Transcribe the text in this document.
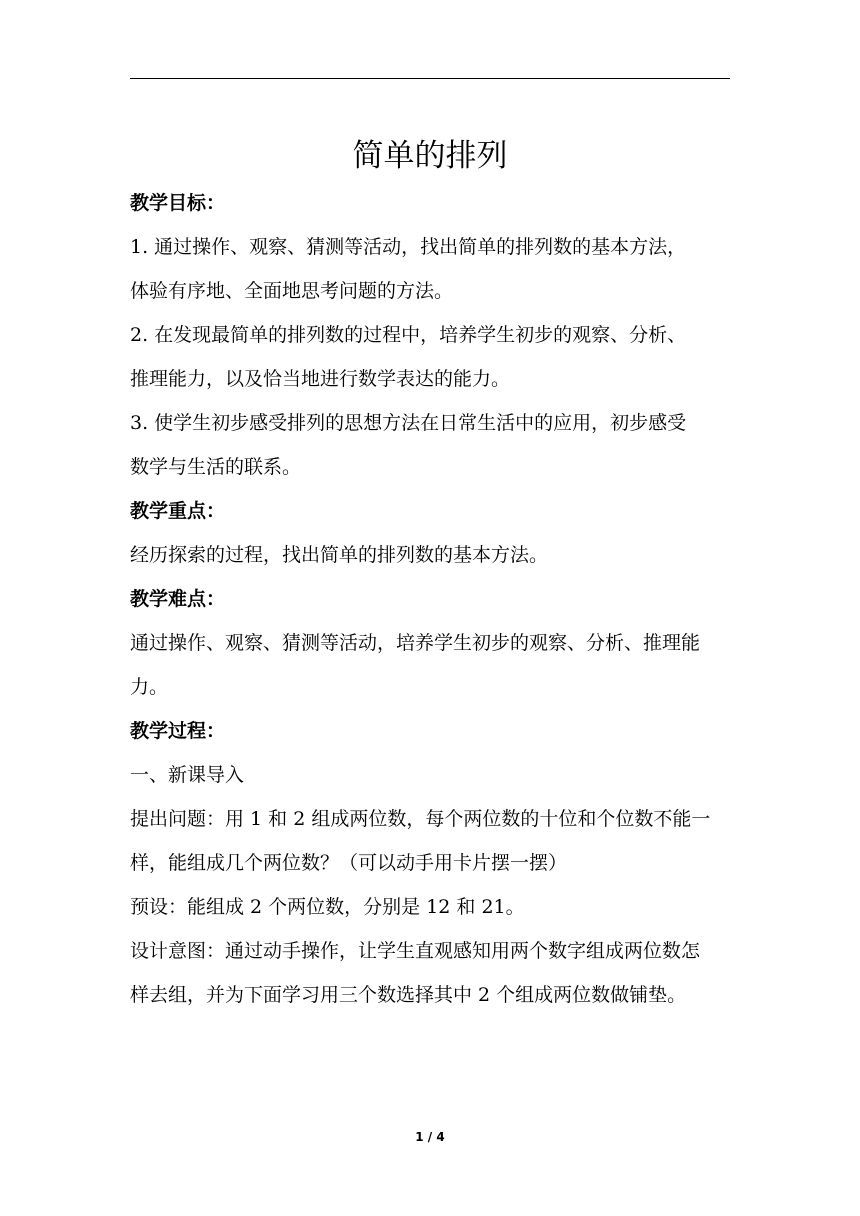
简单的排列
教学目标：
1. 通过操作、观察、猜测等活动，找出简单的排列数的基本方法，
体验有序地、全面地思考问题的方法。
2. 在发现最简单的排列数的过程中，培养学生初步的观察、分析、
推理能力，以及恰当地进行数学表达的能力。
3. 使学生初步感受排列的思想方法在日常生活中的应用，初步感受
数学与生活的联系。
教学重点：
经历探索的过程，找出简单的排列数的基本方法。
教学难点：
通过操作、观察、猜测等活动，培养学生初步的观察、分析、推理能
力。
教学过程：
一、新课导入
提出问题：用 1 和 2 组成两位数，每个两位数的十位和个位数不能一
样，能组成几个两位数？（可以动手用卡片摆一摆）
预设：能组成 2 个两位数，分别是 12 和 21。
设计意图：通过动手操作，让学生直观感知用两个数字组成两位数怎
样去组，并为下面学习用三个数选择其中 2 个组成两位数做铺垫。
1 / 4
